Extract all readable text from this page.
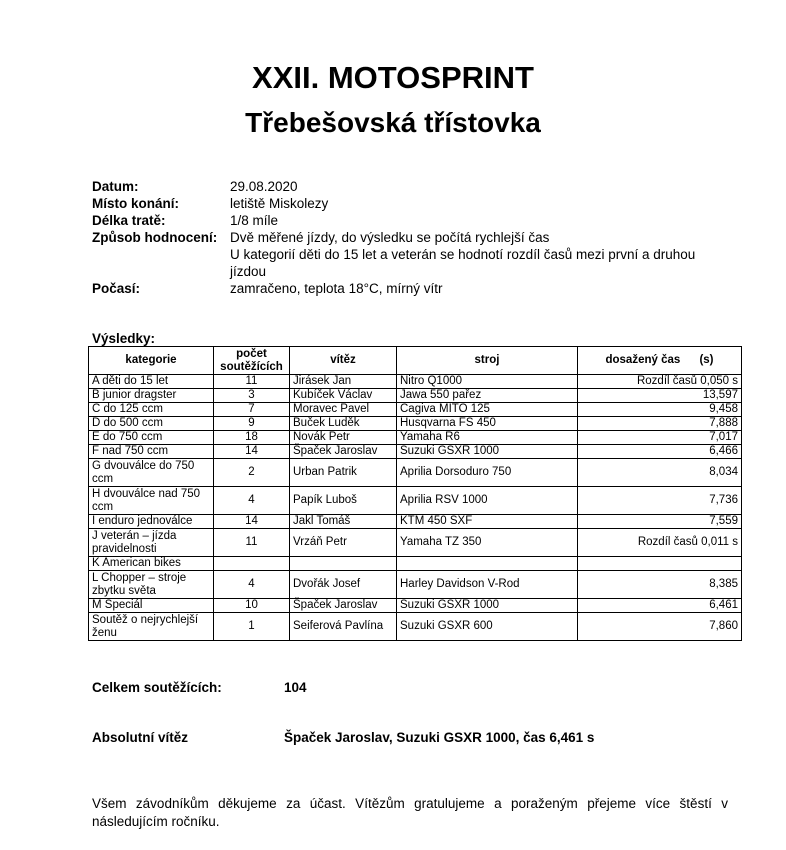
XXII. MOTOSPRINT
Třebešovská třístovka
Datum:	29.08.2020
Místo konání:	letiště Miskolezy
Délka tratě:	1/8 míle
Způsob hodnocení: Dvě měřené jízdy, do výsledku se počítá rychlejší čas
U kategorií děti do 15 let a veterán se hodnotí rozdíl časů mezi první a druhou jízdou
Počasí:	zamračeno, teplota 18°C, mírný vítr
Výsledky:
kategorie	počet soutěžících	vítěz	stroj	dosažený čas      (s)
A děti do 15 let	11	Jirásek Jan	Nitro Q1000	Rozdíl časů 0,050 s
B junior dragster	3	Kubíček Václav	Jawa 550 pařez	13,597
C do 125 ccm	7	Moravec Pavel	Cagiva MITO 125	9,458
D do 500 ccm	9	Buček Luděk	Husqvarna FS 450	7,888
E do 750 ccm	18	Novák Petr	Yamaha R6	7,017
F nad 750 ccm	14	Špaček Jaroslav	Suzuki GSXR 1000	6,466
G dvouválce do 750 ccm	2	Urban Patrik	Aprilia Dorsoduro 750	8,034
H dvouválce nad 750 ccm	4	Papík Luboš	Aprilia RSV 1000	7,736
I enduro jednoválce	14	Jakl Tomáš	KTM 450 SXF	7,559
J veterán – jízda pravidelnosti	11	Vrzáň Petr	Yamaha TZ 350	Rozdíl časů 0,011 s
K American bikes				
L Chopper – stroje zbytku světa	4	Dvořák Josef	Harley Davidson V-Rod	8,385
M Speciál	10	Špaček Jaroslav	Suzuki GSXR 1000	6,461
Soutěž o nejrychlejší ženu	1	Seiferová Pavlína	Suzuki GSXR 600	7,860
Celkem soutěžících:	104
Absolutní vítěz	Špaček Jaroslav, Suzuki GSXR 1000, čas 6,461 s
Všem závodníkům děkujeme za účast. Vítězům gratulujeme a poraženým přejeme více štěstí v následujícím ročníku.
